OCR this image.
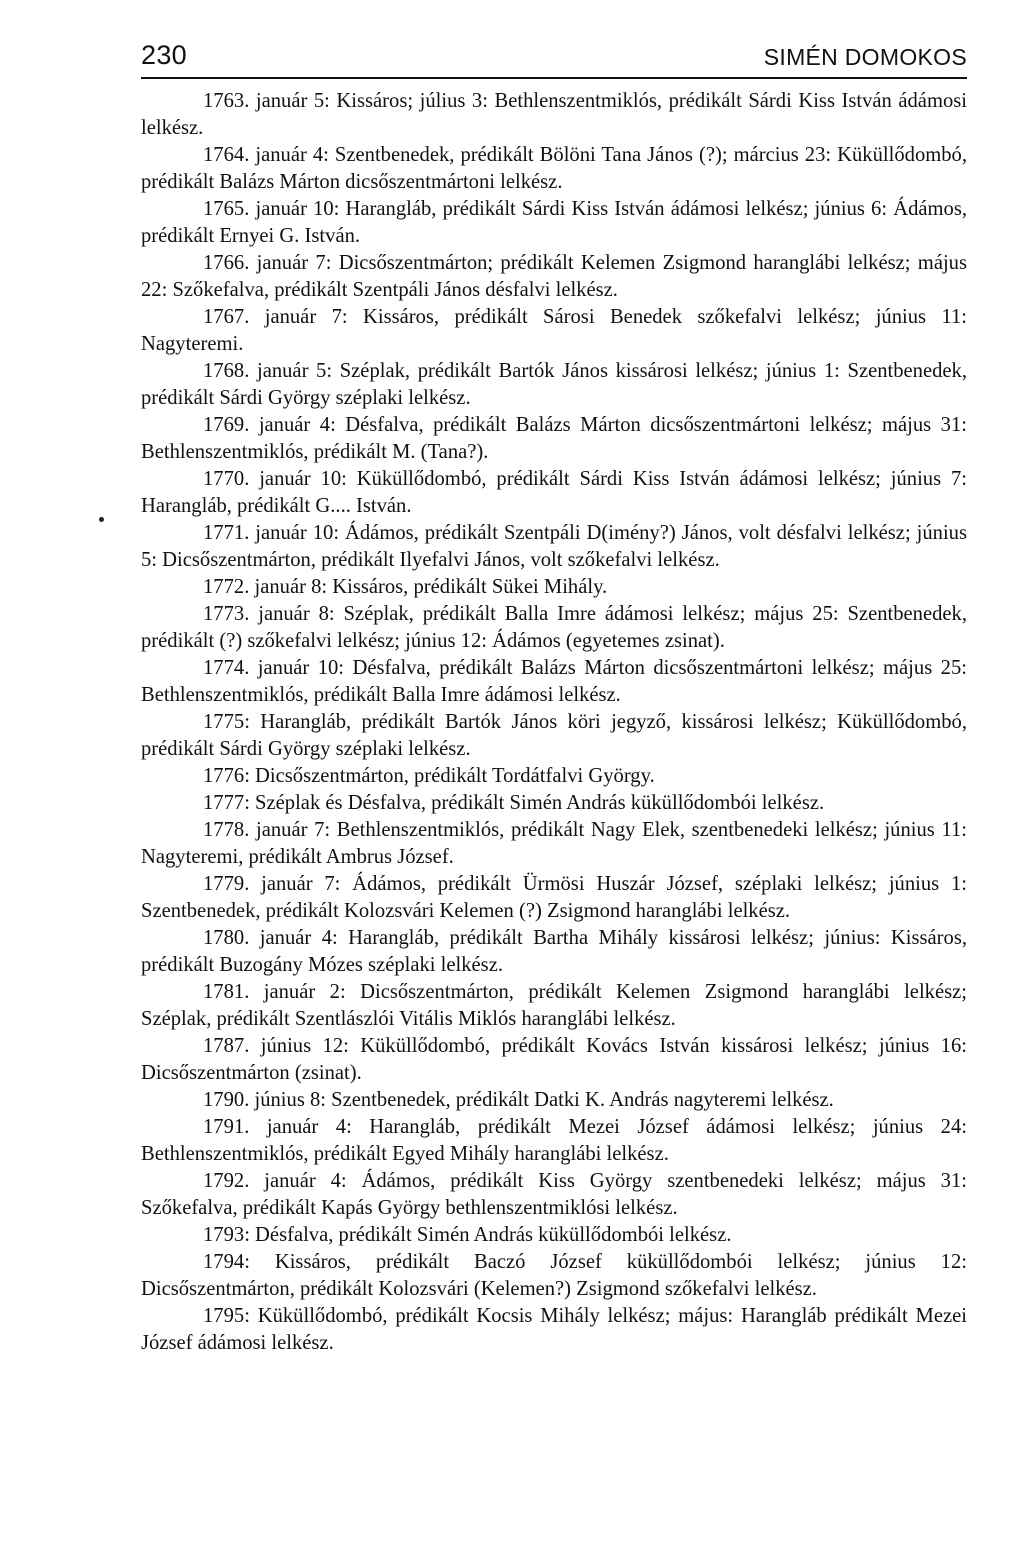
230	SIMÉN DOMOKOS

1763. január 5: Kissáros; július 3: Bethlenszentmiklós, prédikált Sárdi Kiss István ádámosi lelkész.

1764. január 4: Szentbenedek, prédikált Bölöni Tana János (?); március 23: Küküllődombó, prédikált Balázs Márton dicsőszentmártoni lelkész.

1765. január 10: Harangláb, prédikált Sárdi Kiss István ádámosi lelkész; június 6: Ádámos, prédikált Ernyei G. István.

1766. január 7: Dicsőszentmárton; prédikált Kelemen Zsigmond haranglábi lelkész; május 22: Szőkefalva, prédikált Szentpáli János désfalvi lelkész.

1767. január 7: Kissáros, prédikált Sárosi Benedek szőkefalvi lelkész; június 11: Nagyteremi.

1768. január 5: Széplak, prédikált Bartók János kissárosi lelkész; június 1: Szentbenedek, prédikált Sárdi György széplaki lelkész.

1769. január 4: Désfalva, prédikált Balázs Márton dicsőszentmártoni lelkész; május 31: Bethlenszentmiklós, prédikált M. (Tana?).

1770. január 10: Küküllődombó, prédikált Sárdi Kiss István ádámosi lelkész; június 7: Harangláb, prédikált G.... István.

1771. január 10: Ádámos, prédikált Szentpáli D(imény?) János, volt désfalvi lelkész; június 5: Dicsőszentmárton, prédikált Ilyefalvi János, volt szőkefalvi lelkész.

1772. január 8: Kissáros, prédikált Sükei Mihály.

1773. január 8: Széplak, prédikált Balla Imre ádámosi lelkész; május 25: Szentbenedek, prédikált (?) szőkefalvi lelkész; június 12: Ádámos (egyetemes zsinat).

1774. január 10: Désfalva, prédikált Balázs Márton dicsőszentmártoni lelkész; május 25: Bethlenszentmiklós, prédikált Balla Imre ádámosi lelkész.

1775: Harangláb, prédikált Bartók János köri jegyző, kissárosi lelkész; Küküllődombó, prédikált Sárdi György széplaki lelkész.

1776: Dicsőszentmárton, prédikált Tordátfalvi György.

1777: Széplak és Désfalva, prédikált Simén András küküllődombói lelkész.

1778. január 7: Bethlenszentmiklós, prédikált Nagy Elek, szentbenedeki lelkész; június 11: Nagyteremi, prédikált Ambrus József.

1779. január 7: Ádámos, prédikált Ürmösi Huszár József, széplaki lelkész; június 1: Szentbenedek, prédikált Kolozsvári Kelemen (?) Zsigmond haranglábi lelkész.

1780. január 4: Harangláb, prédikált Bartha Mihály kissárosi lelkész; június: Kissáros, prédikált Buzogány Mózes széplaki lelkész.

1781. január 2: Dicsőszentmárton, prédikált Kelemen Zsigmond haranglábi lelkész; Széplak, prédikált Szentlászlói Vitális Miklós haranglábi lelkész.

1787. június 12: Küküllődombó, prédikált Kovács István kissárosi lelkész; június 16: Dicsőszentmárton (zsinat).

1790. június 8: Szentbenedek, prédikált Datki K. András nagyteremi lelkész.

1791. január 4: Harangláb, prédikált Mezei József ádámosi lelkész; június 24: Bethlenszentmiklós, prédikált Egyed Mihály haranglábi lelkész.

1792. január 4: Ádámos, prédikált Kiss György szentbenedeki lelkész; május 31: Szőkefalva, prédikált Kapás György bethlenszentmiklósi lelkész.

1793: Désfalva, prédikált Simén András küküllődombói lelkész.

1794: Kissáros, prédikált Baczó József küküllődombói lelkész; június 12: Dicsőszentmárton, prédikált Kolozsvári (Kelemen?) Zsigmond szőkefalvi lelkész.

1795: Küküllődombó, prédikált Kocsis Mihály lelkész; május: Harangláb prédikált Mezei József ádámosi lelkész.
